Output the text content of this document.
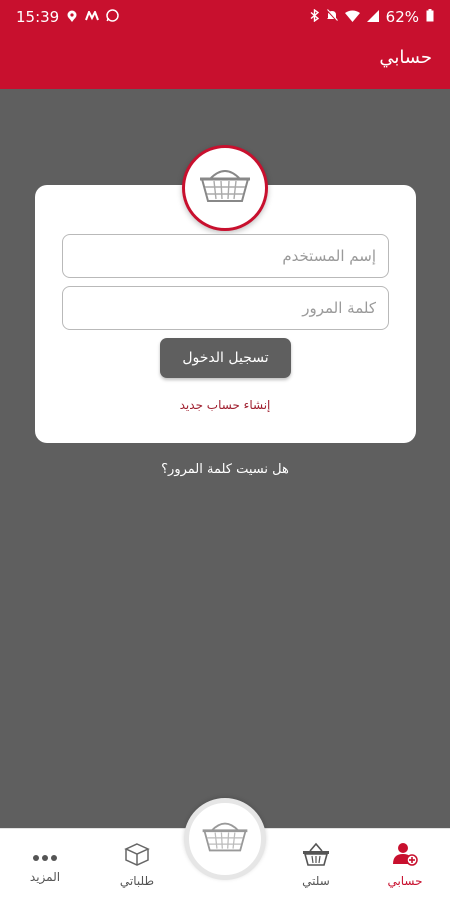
15:39	62%
حسابي
إسم المستخدم
تسجيل الدخول
إنشاء حساب جديد
هل نسيت كلمة المرور؟
المزيد	طلباتي	سلتي	حسابي
